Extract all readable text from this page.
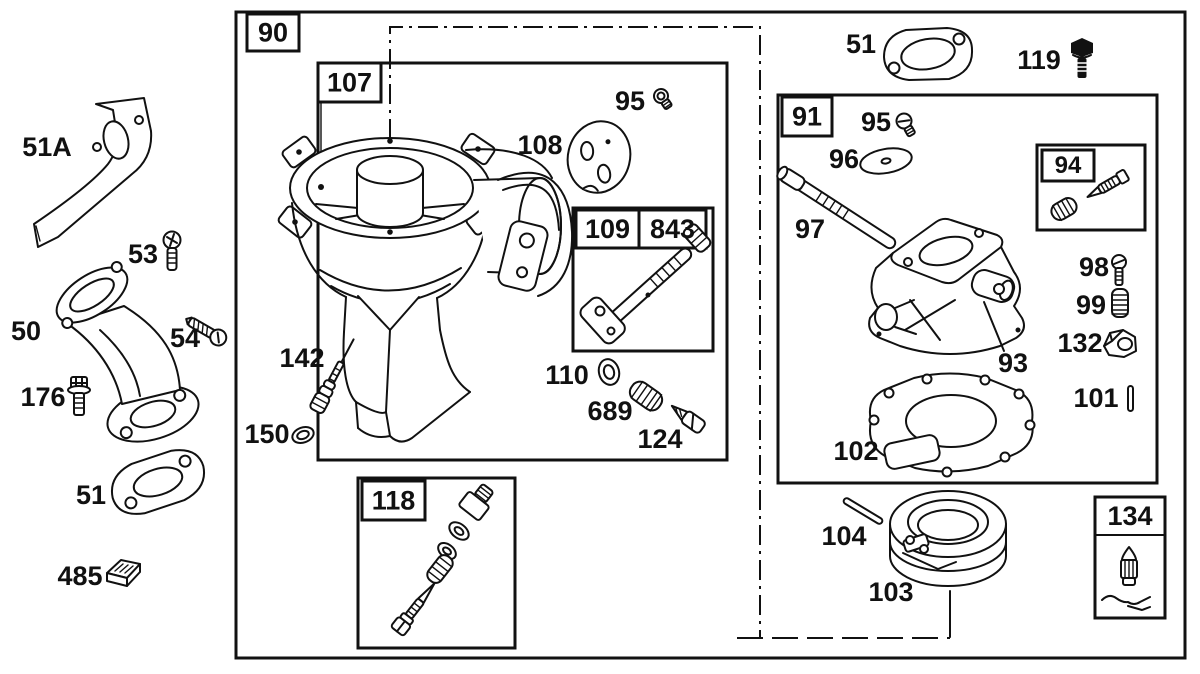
90
107
109 843
91
94
118
134
51A
53
50	54
176
51
485
95
108
142
150
110
689
124
51
119
95
96
97
98
99
132
93
101
102
104
103
